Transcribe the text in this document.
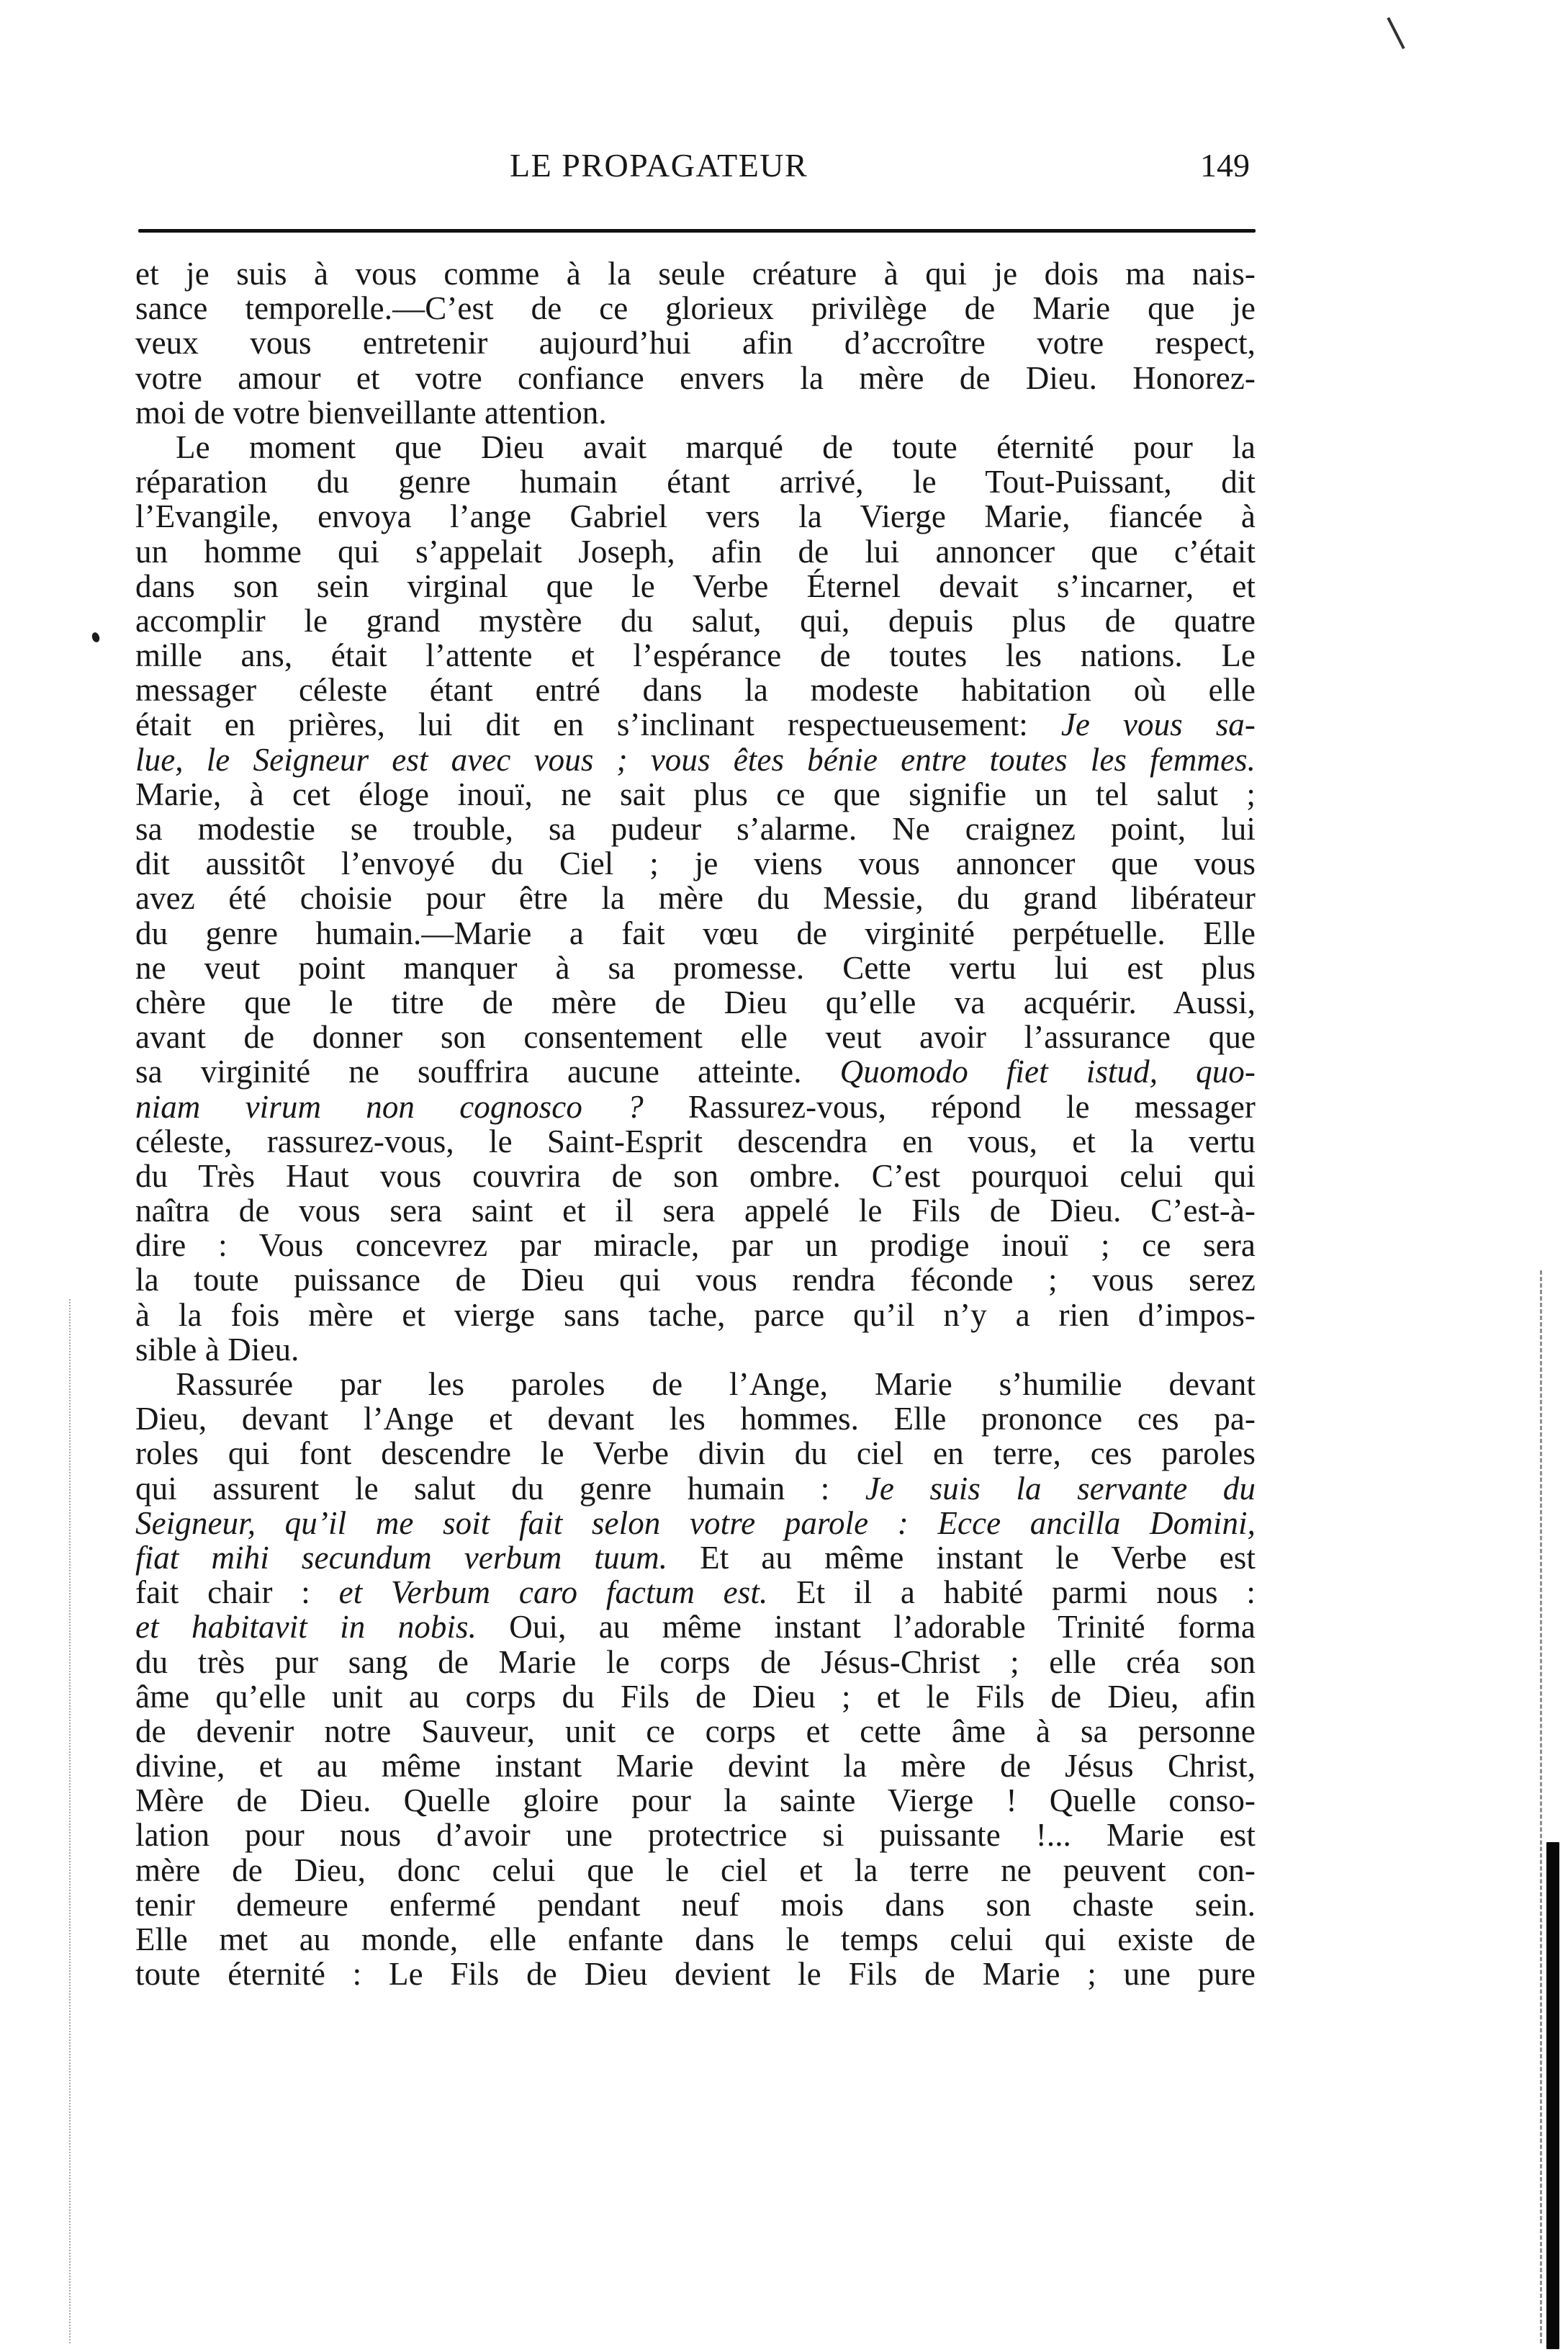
LE PROPAGATEUR	149
et je suis à vous comme à la seule créature à qui je dois ma nais-
sance temporelle.—C’est de ce glorieux privilège de Marie que je
veux vous entretenir aujourd’hui afin d’accroître votre respect,
votre amour et votre confiance envers la mère de Dieu. Honorez-
moi de votre bienveillante attention.
Le moment que Dieu avait marqué de toute éternité pour la
réparation du genre humain étant arrivé, le Tout-Puissant, dit
l’Evangile, envoya l’ange Gabriel vers la Vierge Marie, fiancée à
un homme qui s’appelait Joseph, afin de lui annoncer que c’était
dans son sein virginal que le Verbe Éternel devait s’incarner, et
accomplir le grand mystère du salut, qui, depuis plus de quatre
mille ans, était l’attente et l’espérance de toutes les nations. Le
messager céleste étant entré dans la modeste habitation où elle
était en prières, lui dit en s’inclinant respectueusement: Je vous sa-
lue, le Seigneur est avec vous ; vous êtes bénie entre toutes les femmes.
Marie, à cet éloge inouï, ne sait plus ce que signifie un tel salut ;
sa modestie se trouble, sa pudeur s’alarme. Ne craignez point, lui
dit aussitôt l’envoyé du Ciel ; je viens vous annoncer que vous
avez été choisie pour être la mère du Messie, du grand libérateur
du genre humain.—Marie a fait vœu de virginité perpétuelle. Elle
ne veut point manquer à sa promesse. Cette vertu lui est plus
chère que le titre de mère de Dieu qu’elle va acquérir. Aussi,
avant de donner son consentement elle veut avoir l’assurance que
sa virginité ne souffrira aucune atteinte. Quomodo fiet istud, quo-
niam virum non cognosco ? Rassurez-vous, répond le messager
céleste, rassurez-vous, le Saint-Esprit descendra en vous, et la vertu
du Très Haut vous couvrira de son ombre. C’est pourquoi celui qui
naîtra de vous sera saint et il sera appelé le Fils de Dieu. C’est-à-
dire : Vous concevrez par miracle, par un prodige inouï ; ce sera
la toute puissance de Dieu qui vous rendra féconde ; vous serez
à la fois mère et vierge sans tache, parce qu’il n’y a rien d’impos-
sible à Dieu.
Rassurée par les paroles de l’Ange, Marie s’humilie devant
Dieu, devant l’Ange et devant les hommes. Elle prononce ces pa-
roles qui font descendre le Verbe divin du ciel en terre, ces paroles
qui assurent le salut du genre humain : Je suis la servante du
Seigneur, qu’il me soit fait selon votre parole : Ecce ancilla Domini,
fiat mihi secundum verbum tuum. Et au même instant le Verbe est
fait chair : et Verbum caro factum est. Et il a habité parmi nous :
et habitavit in nobis. Oui, au même instant l’adorable Trinité forma
du très pur sang de Marie le corps de Jésus-Christ ; elle créa son
âme qu’elle unit au corps du Fils de Dieu ; et le Fils de Dieu, afin
de devenir notre Sauveur, unit ce corps et cette âme à sa personne
divine, et au même instant Marie devint la mère de Jésus Christ,
Mère de Dieu. Quelle gloire pour la sainte Vierge ! Quelle conso-
lation pour nous d’avoir une protectrice si puissante !... Marie est
mère de Dieu, donc celui que le ciel et la terre ne peuvent con-
tenir demeure enfermé pendant neuf mois dans son chaste sein.
Elle met au monde, elle enfante dans le temps celui qui existe de
toute éternité : Le Fils de Dieu devient le Fils de Marie ; une pure
